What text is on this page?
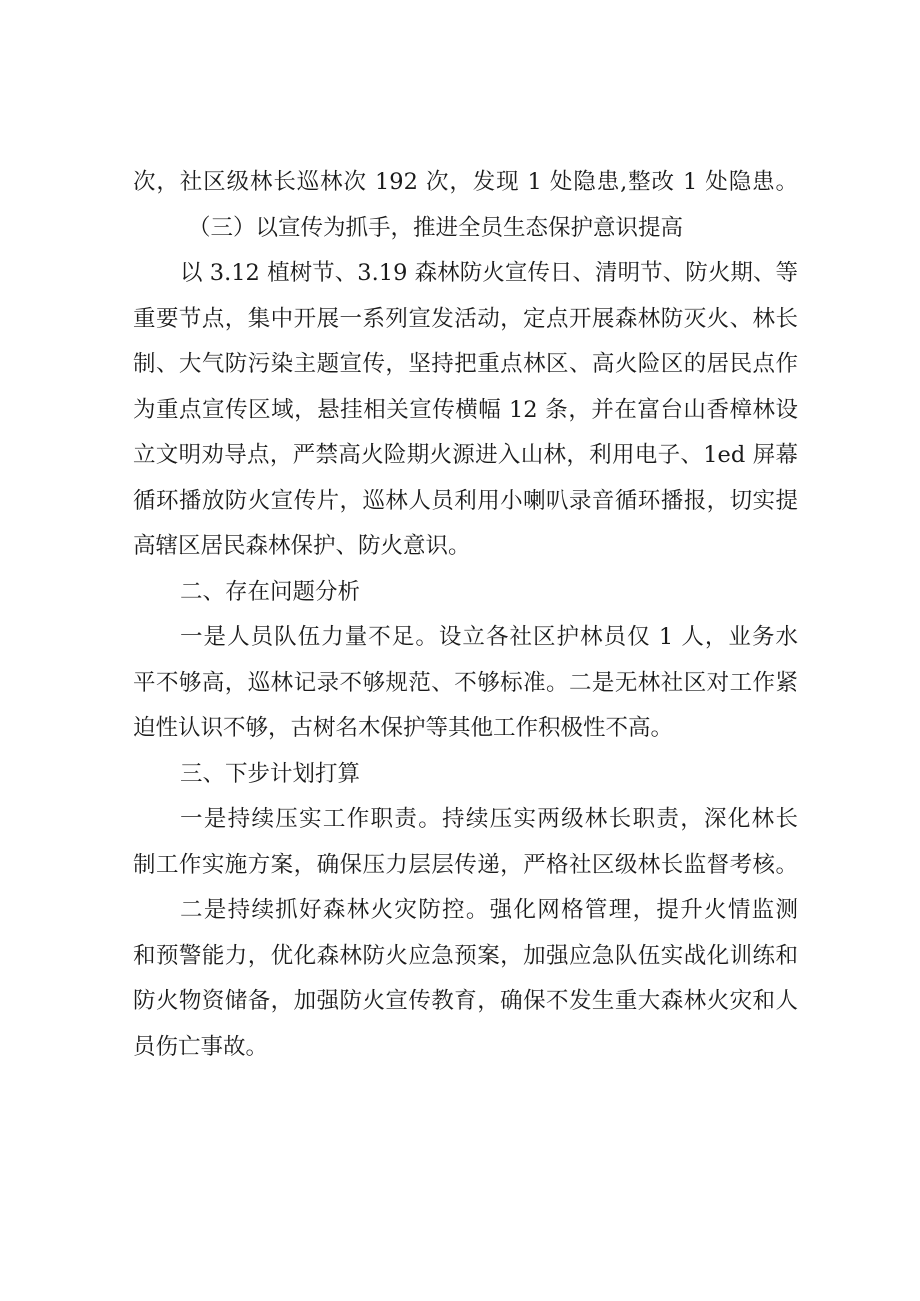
次，社区级林长巡林次 192 次，发现 1 处隐患,整改 1 处隐患。
（三）以宣传为抓手，推进全员生态保护意识提高
以 3.12 植树节、3.19 森林防火宣传日、清明节、防火期、等
重要节点，集中开展一系列宣发活动，定点开展森林防灭火、林长
制、大气防污染主题宣传，坚持把重点林区、高火险区的居民点作
为重点宣传区域，悬挂相关宣传横幅 12 条，并在富台山香樟林设
立文明劝导点，严禁高火险期火源进入山林，利用电子、1ed 屏幕
循环播放防火宣传片，巡林人员利用小喇叭录音循环播报，切实提
高辖区居民森林保护、防火意识。
二、存在问题分析
一是人员队伍力量不足。设立各社区护林员仅 1 人，业务水
平不够高，巡林记录不够规范、不够标准。二是无林社区对工作紧
迫性认识不够，古树名木保护等其他工作积极性不高。
三、下步计划打算
一是持续压实工作职责。持续压实两级林长职责，深化林长
制工作实施方案，确保压力层层传递，严格社区级林长监督考核。
二是持续抓好森林火灾防控。强化网格管理，提升火情监测
和预警能力，优化森林防火应急预案，加强应急队伍实战化训练和
防火物资储备，加强防火宣传教育，确保不发生重大森林火灾和人
员伤亡事故。
